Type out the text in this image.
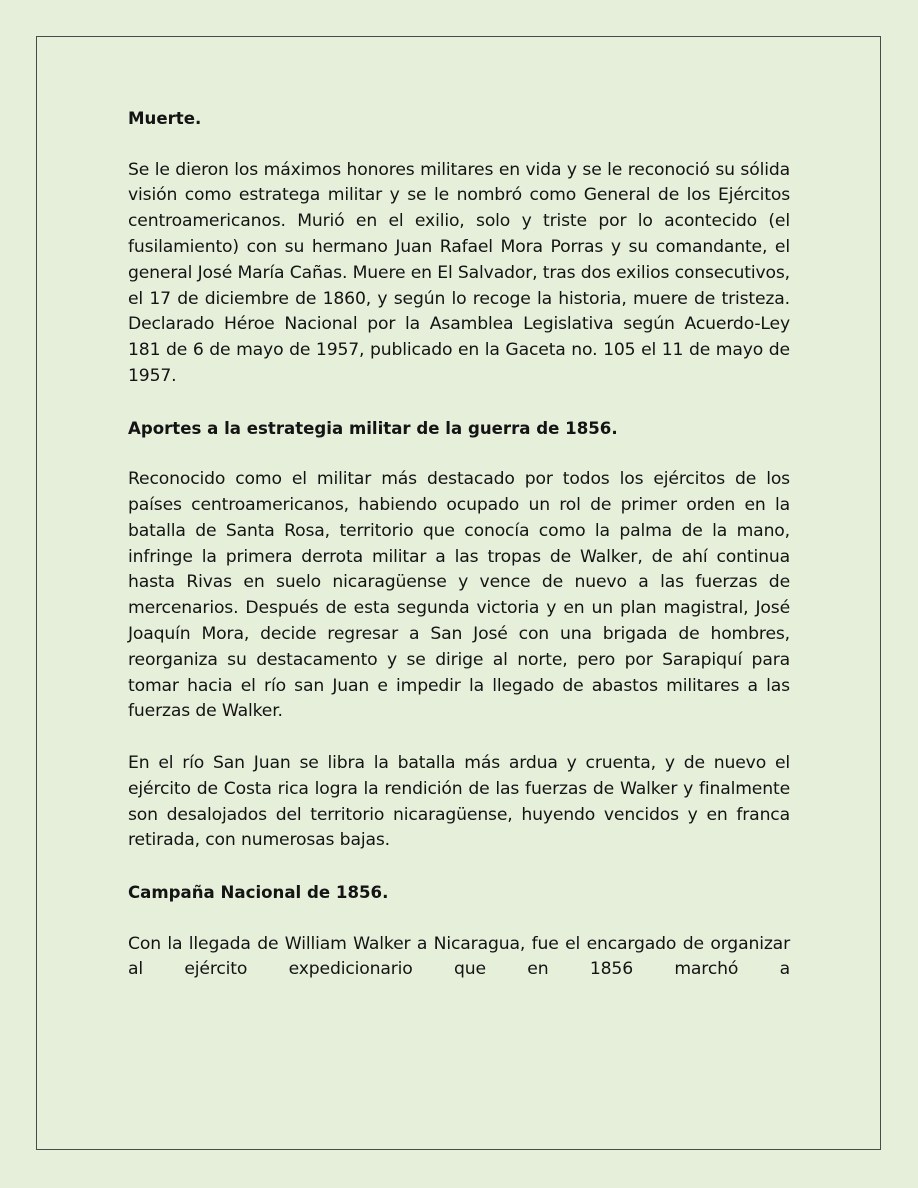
Muerte.
Se le dieron los máximos honores militares en vida y se le reconoció su sólida visión como estratega militar y se le nombró como General de los Ejércitos centroamericanos. Murió en el exilio, solo y triste por lo acontecido (el fusilamiento) con su hermano Juan Rafael Mora Porras y su comandante, el general José María Cañas. Muere en El Salvador, tras dos exilios consecutivos, el 17 de diciembre de 1860, y según lo recoge la historia, muere de tristeza. Declarado Héroe Nacional por la Asamblea Legislativa según Acuerdo-Ley 181 de 6 de mayo de 1957, publicado en la Gaceta no. 105 el 11 de mayo de 1957.
Aportes a la estrategia militar de la guerra de 1856.
Reconocido como el militar más destacado por todos los ejércitos de los países centroamericanos, habiendo ocupado un rol de primer orden en la batalla de Santa Rosa, territorio que conocía como la palma de la mano, infringe la primera derrota militar a las tropas de Walker, de ahí continua hasta Rivas en suelo nicaragüense y vence de nuevo a las fuerzas de mercenarios. Después de esta segunda victoria y en un plan magistral, José Joaquín Mora, decide regresar a San José con una brigada de hombres, reorganiza su destacamento y se dirige al norte, pero por Sarapiquí para tomar hacia el río san Juan e impedir la llegado de abastos militares a las fuerzas de Walker.
En el río San Juan se libra la batalla más ardua y cruenta, y de nuevo el ejército de Costa rica logra la rendición de las fuerzas de Walker y finalmente son desalojados del territorio nicaragüense, huyendo vencidos y en franca retirada, con numerosas bajas.
Campaña Nacional de 1856.
Con la llegada de William Walker a Nicaragua, fue el encargado de organizar al ejército expedicionario que en 1856 marchó a
